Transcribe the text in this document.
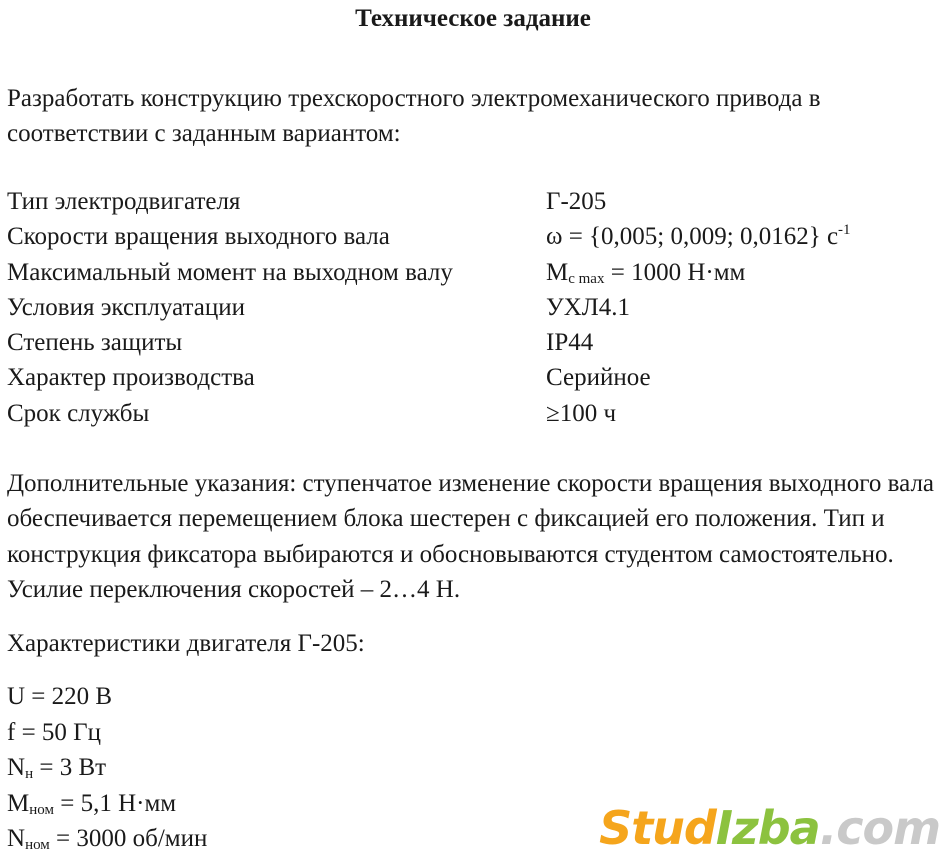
Техническое задание
Разработать конструкцию трехскоростного электромеханического привода в соответствии с заданным вариантом:
Тип электродвигателя	Г-205
Скорости вращения выходного вала	ω = {0,005; 0,009; 0,0162} $с^{-1}$
Максимальный момент на выходном валу	$M_{c max} = 1000$ Н·мм
Условия эксплуатации	УХЛ4.1
Степень защиты	IP44
Характер производства	Серийное
Срок службы	≥100 ч
Дополнительные указания: ступенчатое изменение скорости вращения выходного вала обеспечивается перемещением блока шестерен с фиксацией его положения. Тип и конструкция фиксатора выбираются и обосновываются студентом самостоятельно. Усилие переключения скоростей – 2…4 Н.
Характеристики двигателя Г-205:
U = 220 В
f = 50 Гц
$N_н = 3$ Вт
$M_{ном} = 5,1$ Н·мм
$N_{ном} = 3000$ об/мин	StudIzba.com
